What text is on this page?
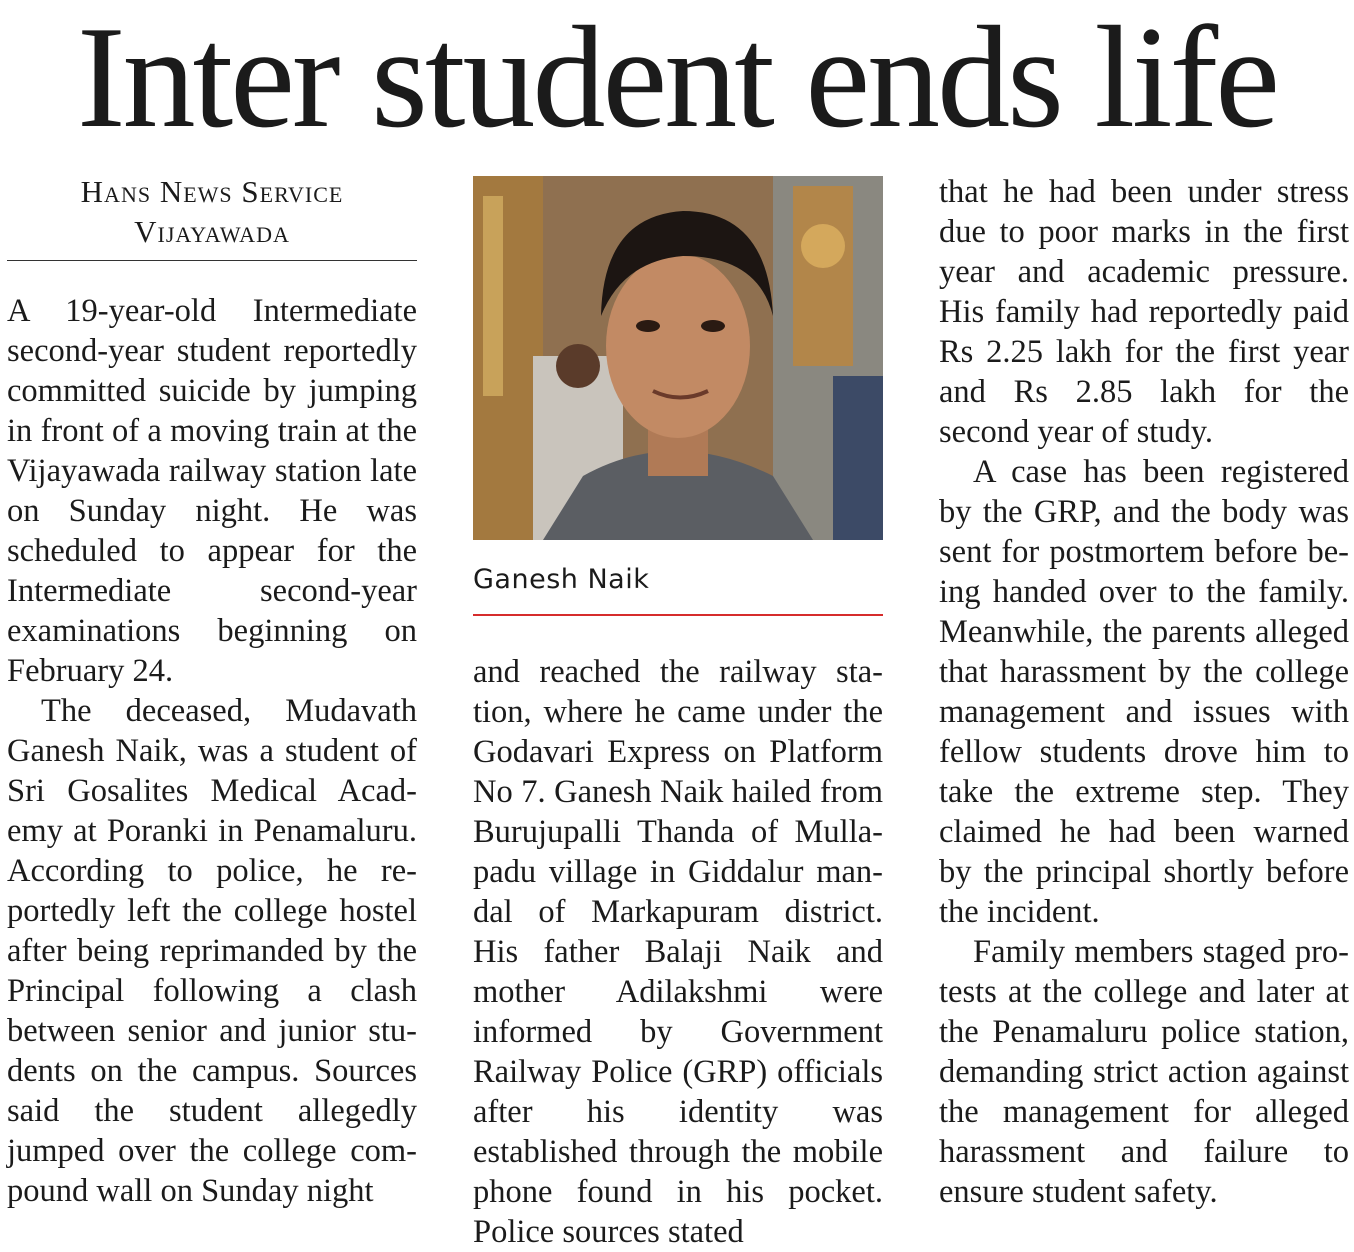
Inter student ends life
Hans News Service
Vijayawada

A 19-year-old Intermediate second-year student reportedly committed suicide by jumping in front of a moving train at the Vijayawada railway station late on Sunday night. He was scheduled to appear for the Intermediate second-year examinations beginning on February 24.

The deceased, Mudavath Ganesh Naik, was a student of Sri Gosalites Medical Academy at Poranki in Penamaluru. According to police, he reportedly left the college hostel after being reprimanded by the Principal following a clash between senior and junior students on the campus. Sources said the student allegedly jumped over the college compound wall on Sunday night

Ganesh Naik

and reached the railway station, where he came under the Godavari Express on Platform No 7. Ganesh Naik hailed from Burujupalli Thanda of Mullapadu village in Giddalur mandal of Markapuram district. His father Balaji Naik and mother Adilakshmi were informed by Government Railway Police (GRP) officials after his identity was established through the mobile phone found in his pocket. Police sources stated

that he had been under stress due to poor marks in the first year and academic pressure. His family had reportedly paid Rs 2.25 lakh for the first year and Rs 2.85 lakh for the second year of study.

A case has been registered by the GRP, and the body was sent for postmortem before being handed over to the family. Meanwhile, the parents alleged that harassment by the college management and issues with fellow students drove him to take the extreme step. They claimed he had been warned by the principal shortly before the incident.

Family members staged protests at the college and later at the Penamaluru police station, demanding strict action against the management for alleged harassment and failure to ensure student safety.
